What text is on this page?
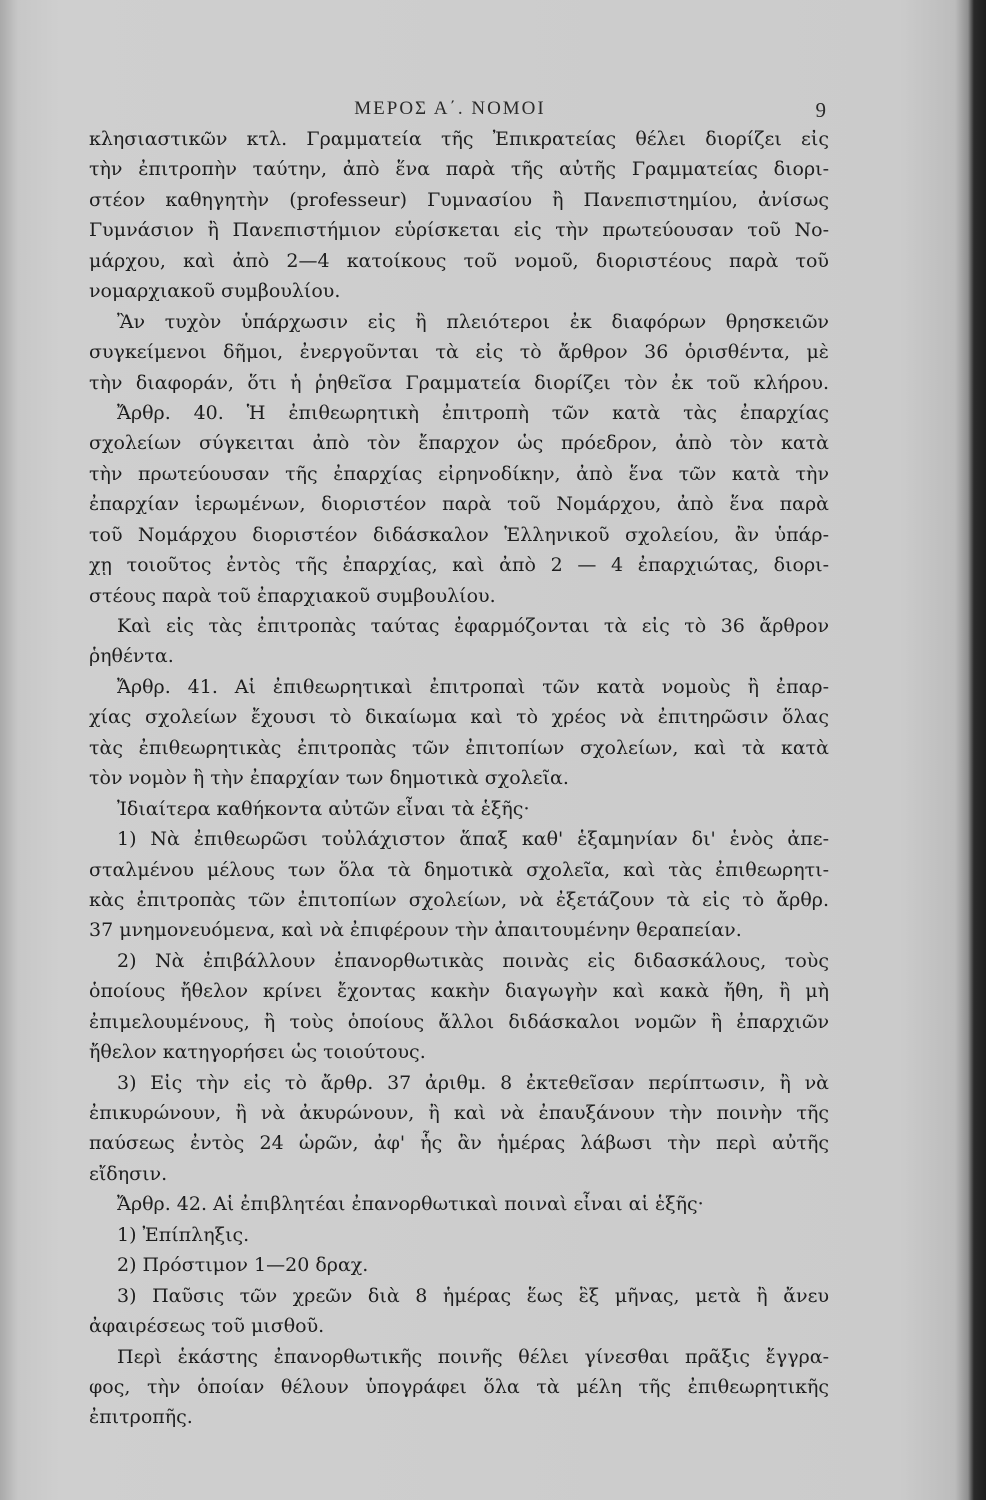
ΜΕΡΟΣ Α΄. ΝΟΜΟΙ	9
κλησιαστικῶν κτλ. Γραμματεία τῆς Ἐπικρατείας θέλει διορίζει εἰς
τὴν ἐπιτροπὴν ταύτην, ἀπὸ ἕνα παρὰ τῆς αὐτῆς Γραμματείας διορι-
στέον καθηγητὴν (professeur) Γυμνασίου ἢ Πανεπιστημίου, ἀνίσως
Γυμνάσιον ἢ Πανεπιστήμιον εὑρίσκεται εἰς τὴν πρωτεύουσαν τοῦ Νο-
μάρχου, καὶ ἀπὸ 2—4 κατοίκους τοῦ νομοῦ, διοριστέους παρὰ τοῦ
νομαρχιακοῦ συμβουλίου.
Ἂν τυχὸν ὑπάρχωσιν εἰς ἢ πλειότεροι ἐκ διαφόρων θρησκειῶν
συγκείμενοι δῆμοι, ἐνεργοῦνται τὰ εἰς τὸ ἄρθρον 36 ὁρισθέντα, μὲ
τὴν διαφοράν, ὅτι ἡ ῥηθεῖσα Γραμματεία διορίζει τὸν ἐκ τοῦ κλήρου.
Ἄρθρ. 40. Ἡ ἐπιθεωρητικὴ ἐπιτροπὴ τῶν κατὰ τὰς ἐπαρχίας
σχολείων σύγκειται ἀπὸ τὸν ἔπαρχον ὡς πρόεδρον, ἀπὸ τὸν κατὰ
τὴν πρωτεύουσαν τῆς ἐπαρχίας εἰρηνοδίκην, ἀπὸ ἕνα τῶν κατὰ τὴν
ἐπαρχίαν ἱερωμένων, διοριστέον παρὰ τοῦ Νομάρχου, ἀπὸ ἕνα παρὰ
τοῦ Νομάρχου διοριστέον διδάσκαλον Ἑλληνικοῦ σχολείου, ἂν ὑπάρ-
χῃ τοιοῦτος ἐντὸς τῆς ἐπαρχίας, καὶ ἀπὸ 2 — 4 ἐπαρχιώτας, διορι-
στέους παρὰ τοῦ ἐπαρχιακοῦ συμβουλίου.
Καὶ εἰς τὰς ἐπιτροπὰς ταύτας ἐφαρμόζονται τὰ εἰς τὸ 36 ἄρθρον
ῥηθέντα.
Ἄρθρ. 41. Αἱ ἐπιθεωρητικαὶ ἐπιτροπαὶ τῶν κατὰ νομοὺς ἢ ἐπαρ-
χίας σχολείων ἔχουσι τὸ δικαίωμα καὶ τὸ χρέος νὰ ἐπιτηρῶσιν ὅλας
τὰς ἐπιθεωρητικὰς ἐπιτροπὰς τῶν ἐπιτοπίων σχολείων, καὶ τὰ κατὰ
τὸν νομὸν ἢ τὴν ἐπαρχίαν των δημοτικὰ σχολεῖα.
Ἰδιαίτερα καθήκοντα αὐτῶν εἶναι τὰ ἑξῆς·
1) Νὰ ἐπιθεωρῶσι τοὐλάχιστον ἅπαξ καθ' ἑξαμηνίαν δι' ἑνὸς ἀπε-
σταλμένου μέλους των ὅλα τὰ δημοτικὰ σχολεῖα, καὶ τὰς ἐπιθεωρητι-
κὰς ἐπιτροπὰς τῶν ἐπιτοπίων σχολείων, νὰ ἐξετάζουν τὰ εἰς τὸ ἄρθρ.
37 μνημονευόμενα, καὶ νὰ ἐπιφέρουν τὴν ἀπαιτουμένην θεραπείαν.
2) Νὰ ἐπιβάλλουν ἐπανορθωτικὰς ποινὰς εἰς διδασκάλους, τοὺς
ὁποίους ἤθελον κρίνει ἔχοντας κακὴν διαγωγὴν καὶ κακὰ ἤθη, ἢ μὴ
ἐπιμελουμένους, ἢ τοὺς ὁποίους ἄλλοι διδάσκαλοι νομῶν ἢ ἐπαρχιῶν
ἤθελον κατηγορήσει ὡς τοιούτους.
3) Εἰς τὴν εἰς τὸ ἄρθρ. 37 ἀριθμ. 8 ἐκτεθεῖσαν περίπτωσιν, ἢ νὰ
ἐπικυρώνουν, ἢ νὰ ἀκυρώνουν, ἢ καὶ νὰ ἐπαυξάνουν τὴν ποινὴν τῆς
παύσεως ἐντὸς 24 ὡρῶν, ἀφ' ἧς ἂν ἡμέρας λάβωσι τὴν περὶ αὐτῆς
εἴδησιν.
Ἄρθρ. 42. Αἱ ἐπιβλητέαι ἐπανορθωτικαὶ ποιναὶ εἶναι αἱ ἑξῆς·
1) Ἐπίπληξις.
2) Πρόστιμον 1—20 δραχ.
3) Παῦσις τῶν χρεῶν διὰ 8 ἡμέρας ἕως ἓξ μῆνας, μετὰ ἢ ἄνευ
ἀφαιρέσεως τοῦ μισθοῦ.
Περὶ ἑκάστης ἐπανορθωτικῆς ποινῆς θέλει γίνεσθαι πρᾶξις ἔγγρα-
φος, τὴν ὁποίαν θέλουν ὑπογράφει ὅλα τὰ μέλη τῆς ἐπιθεωρητικῆς
ἐπιτροπῆς.
